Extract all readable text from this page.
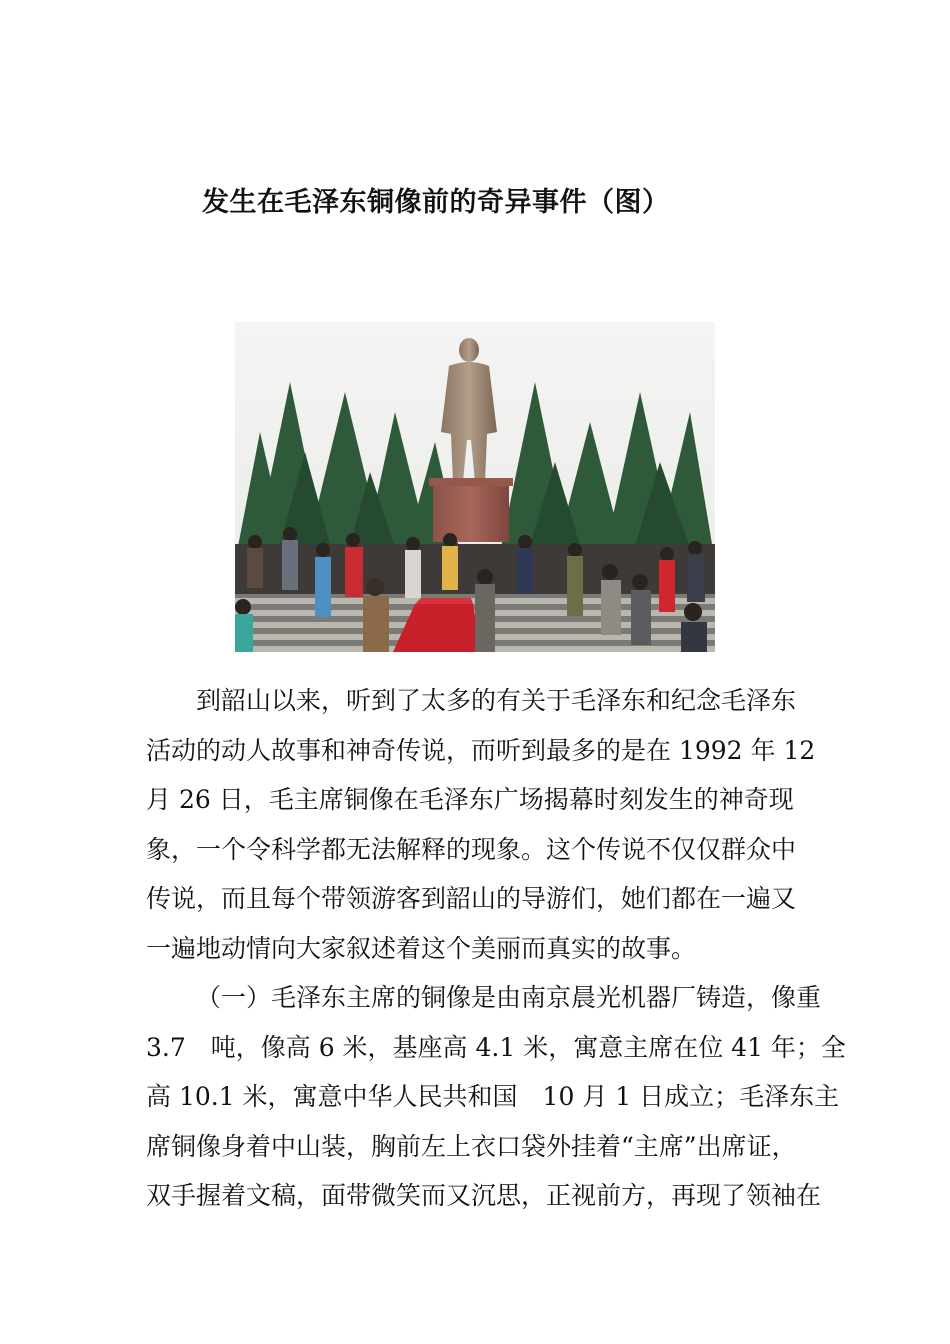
发生在毛泽东铜像前的奇异事件（图）
到韶山以来，听到了太多的有关于毛泽东和纪念毛泽东
活动的动人故事和神奇传说，而听到最多的是在 1992 年 12
月 26 日，毛主席铜像在毛泽东广场揭幕时刻发生的神奇现
象，一个令科学都无法解释的现象。这个传说不仅仅群众中
传说，而且每个带领游客到韶山的导游们，她们都在一遍又
一遍地动情向大家叙述着这个美丽而真实的故事。
（一）毛泽东主席的铜像是由南京晨光机器厂铸造，像重
3.7　吨，像高 6 米，基座高 4.1 米，寓意主席在位 41 年；全
高 10.1 米，寓意中华人民共和国　10 月 1 日成立；毛泽东主
席铜像身着中山装，胸前左上衣口袋外挂着“主席”出席证，
双手握着文稿，面带微笑而又沉思，正视前方，再现了领袖在
